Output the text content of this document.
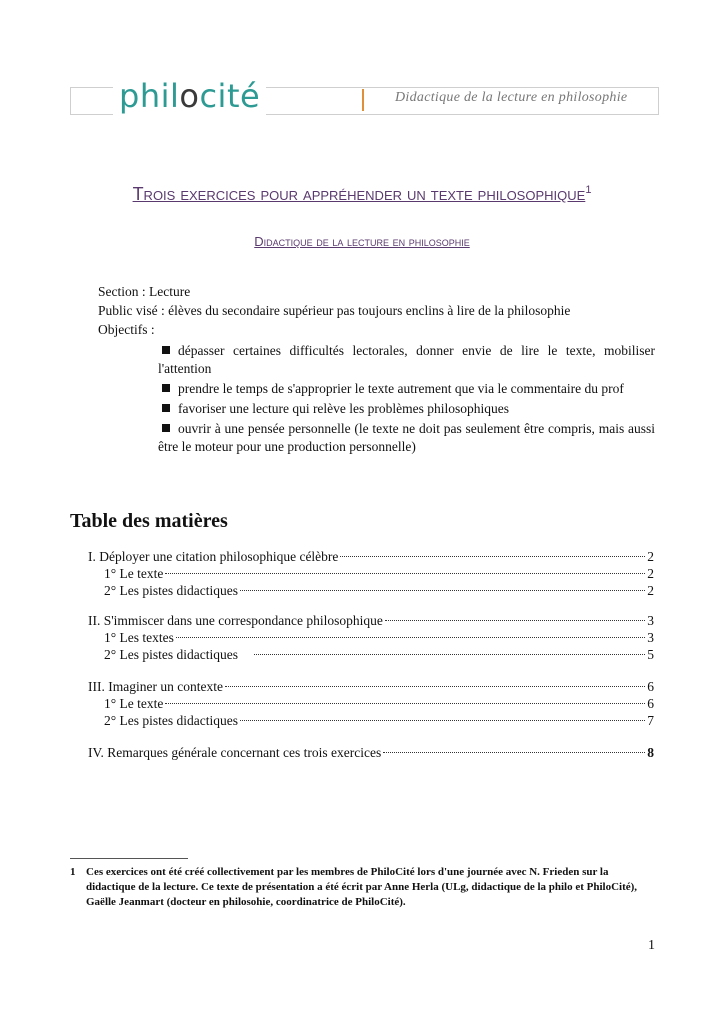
philocité	Didactique de la lecture en philosophie
Trois exercices pour appréhender un texte philosophique$^1$
Didactique de la lecture en philosophie
Section : Lecture
Public visé : élèves du secondaire supérieur pas toujours enclins à lire de la philosophie
Objectifs :
dépasser certaines difficultés lectorales, donner envie de lire le texte, mobiliser l'attention
prendre le temps de s'approprier le texte autrement que via le commentaire du prof
favoriser une lecture qui relève les problèmes philosophiques
ouvrir à une pensée personnelle (le texte ne doit pas seulement être compris, mais aussi être le moteur pour une production personnelle)
Table des matières
I. Déployer une citation philosophique célèbre	2
1° Le texte	2
2° Les pistes didactiques	2
II. S'immiscer dans une correspondance philosophique	3
1° Les textes	3
2° Les pistes didactiques	5
III. Imaginer un contexte	6
1° Le texte	6
2° Les pistes didactiques	7
IV. Remarques générale concernant ces trois exercices	8
1 Ces exercices ont été créé collectivement par les membres de PhiloCité lors d'une journée avec N. Frieden sur la didactique de la lecture. Ce texte de présentation a été écrit par Anne Herla (ULg, didactique de la philo et PhiloCité), Gaëlle Jeanmart (docteur en philosohie, coordinatrice de PhiloCité).
1
